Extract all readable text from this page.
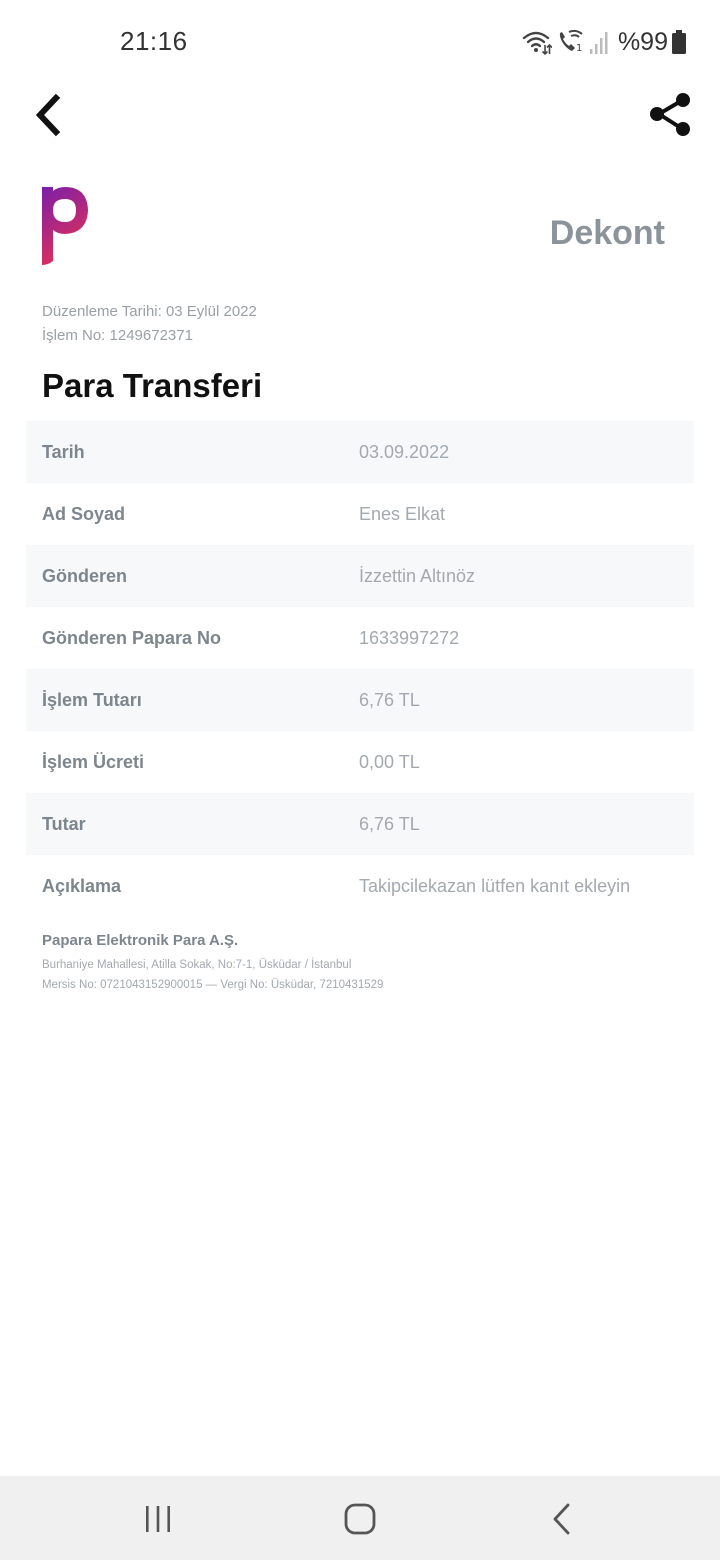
21:16	1 %99
Dekont
Düzenleme Tarihi: 03 Eylül 2022
İşlem No: 1249672371
Para Transferi
Tarih	03.09.2022
Ad Soyad	Enes Elkat
Gönderen	İzzettin Altınöz
Gönderen Papara No	1633997272
İşlem Tutarı	6,76 TL
İşlem Ücreti	0,00 TL
Tutar	6,76 TL
Açıklama	Takipcilekazan lütfen kanıt ekleyin
Papara Elektronik Para A.Ş.
Burhaniye Mahallesi, Atilla Sokak, No:7-1, Üsküdar / İstanbul
Mersis No: 0721043152900015 — Vergi No: Üsküdar, 7210431529
